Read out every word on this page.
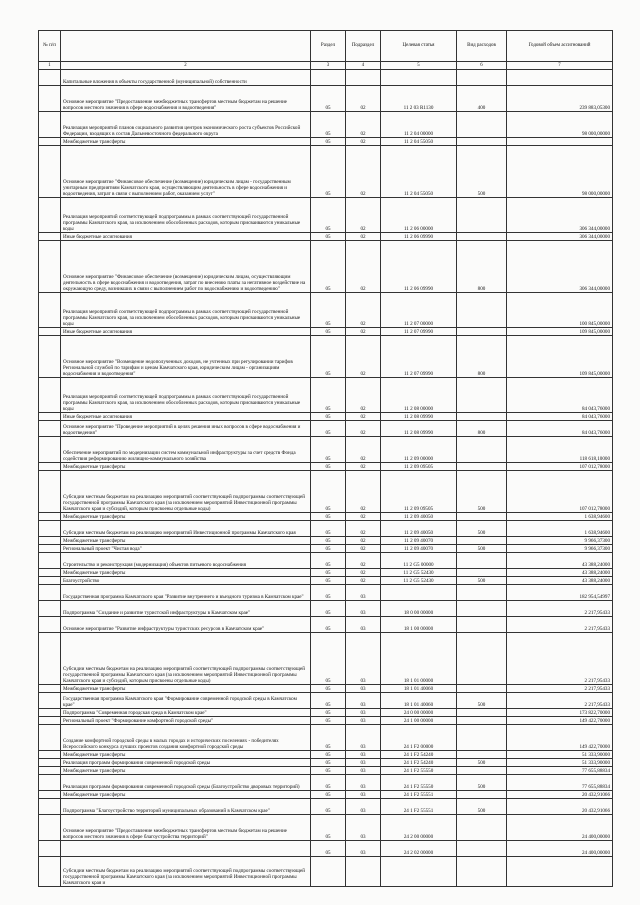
№ п/п		Раздел	Подраздел	Целевая статья	Вид расходов	Годовой объем ассигнований
1	2	3	4	5	6	7
	Капитальные вложения в объекты государственной (муниципальной) собственности					
	Основное мероприятие "Предоставление межбюджетных трансфертов местным бюджетам на решение вопросов местного значения в сфере водоснабжения и водоотведения"	05	02	11 2 03 R1130	400	239 883,05300
	Реализация мероприятий планов социального развития центров экономического роста субъектов Российской Федерации, входящих в состав Дальневосточного федерального округа	05	02	11 2 04 00000		98 000,00000
	Межбюджетные трансферты	05	02	11 2 04 55050		
	Основное мероприятие "Финансовое обеспечение (возмещение) юридическим лицам - государственным унитарным предприятиям Камчатского края, осуществляющим деятельность в сфере водоснабжения и водоотведения, затрат в связи с выполнением работ, оказанием услуг"	05	02	11 2 04 55050	500	98 000,00000
	Реализация мероприятий соответствующей подпрограммы в рамках соответствующей государственной программы Камчатского края, за исключением обособленных расходов, которым присваиваются уникальные коды	05	02	11 2 06 00000		306 344,00000
	Иные бюджетные ассигнования	05	02	11 2 06 09990		306 344,00000
	Основное мероприятие "Финансовое обеспечение (возмещение) юридическим лицам, осуществляющим деятельность в сфере водоснабжения и водоотведения, затрат по внесению платы за негативное воздействие на окружающую среду, возникших в связи с выполнением работ по водоснабжению и водоотведению"	05	02	11 2 06 09990	800	306 344,00000
	Реализация мероприятий соответствующей подпрограммы в рамках соответствующей государственной программы Камчатского края, за исключением обособленных расходов, которым присваиваются уникальные коды	05	02	11 2 07 00000		100 845,00000
	Иные бюджетные ассигнования	05	02	11 2 07 09990		109 845,00000
	Основное мероприятие "Возмещение недополученных доходов, не учтенных при регулировании тарифов Региональной службой по тарифам и ценам Камчатского края, юридическим лицам - организациям водоснабжения и водоотведения"	05	02	11 2 07 09990	800	109 845,00000
	Реализация мероприятий соответствующей подпрограммы в рамках соответствующей государственной программы Камчатского края, за исключением обособленных расходов, которым присваиваются уникальные коды	05	02	11 2 08 00000		84 043,76000
	Иные бюджетные ассигнования	05	02	11 2 08 09990		84 043,76000
	Основное мероприятие "Проведение мероприятий в целях решения иных вопросов в сфере водоснабжения и водоотведения"	05	02	11 2 08 09990	800	84 043,76000
	Обеспечение мероприятий по модернизации систем коммунальной инфраструктуры за счет средств Фонда содействия реформированию жилищно-коммунального хозяйства	05	02	11 2 09 00000		118 618,10000
	Межбюджетные трансферты	05	02	11 2 09 09505		107 012,78000
	Субсидии местным бюджетам на реализацию мероприятий соответствующей подпрограммы соответствующей государственной программы Камчатского края (за исключением мероприятий Инвестиционной программы Камчатского края и субсидий, которым присвоены отдельные коды)	05	02	11 2 09 09505	500	107 012,78000
	Межбюджетные трансферты	05	02	11 2 09 40050		1 638,94600
	Субсидии местным бюджетам на реализацию мероприятий Инвестиционной программы Камчатского края	05	02	11 2 09 40050	500	1 638,94600
	Межбюджетные трансферты	05	02	11 2 09 40070		9 966,37300
	Региональный проект "Чистая вода"	05	02	11 2 09 40070	500	9 966,37300
	Строительство и реконструкция (модернизация) объектов питьевого водоснабжения	05	02	11 2 G5 00000		43 388,24000
	Межбюджетные трансферты	05	02	11 2 G5 52430		43 388,24000
	Благоустройство	05	02	11 2 G5 52430	500	43 388,24000
	Государственная программа Камчатского края "Развитие внутреннего и въездного туризма в Камчатском крае"	05	03			182 954,54997
	Подпрограмма "Создание и развитие туристской инфраструктуры в Камчатском крае"	05	03	18 0 00 00000		2 217,95433
	Основное мероприятие "Развитие инфраструктуры туристских ресурсов в Камчатском крае"	05	03	18 1 00 00000		2 217,95433
	Субсидии местным бюджетам на реализацию мероприятий соответствующей подпрограммы соответствующей государственной программы Камчатского края (за исключением мероприятий Инвестиционной программы Камчатского края и субсидий, которым присвоены отдельные коды)	05	03	18 1 01 00000		2 217,95433
	Межбюджетные трансферты	05	03	18 1 01 40060		2 217,95433
	Государственная программа Камчатского края "Формирование современной городской среды в Камчатском крае"	05	03	18 1 01 40060	500	2 217,95433
	Подпрограмма "Современная городская среда в Камчатском крае"	05	03	24 0 00 00000		173 822,70000
	Региональный проект "Формирование комфортной городской среды"	05	03	24 1 00 00000		149 422,70000
	Создание комфортной городской среды в малых городах и исторических поселениях - победителях Всероссийского конкурса лучших проектов создания комфортной городской среды	05	03	24 1 F2 00000		149 422,70000
	Межбюджетные трансферты	05	03	24 1 F2 54240		51 333,90000
	Реализация программ формирования современной городской среды	05	03	24 1 F2 54240	500	51 333,90000
	Межбюджетные трансферты	05	03	24 1 F2 55550		77 655,88834
	Реализация программ формирования современной городской среды (Благоустройство дворовых территорий)	05	03	24 1 F2 55550	500	77 655,88834
	Межбюджетные трансферты	05	03	24 1 F2 55551		20 432,91066
	Подпрограмма "Благоустройство территорий муниципальных образований в Камчатском крае"	05	03	24 1 F2 55551	500	20 432,91066
	Основное мероприятие "Предоставление межбюджетных трансфертов местным бюджетам на решение вопросов местного значения в сфере благоустройства территорий"	05	03	24 2 00 00000		24 400,00000
		05	03	24 2 02 00000		24 400,00000
	Субсидии местным бюджетам на реализацию мероприятий соответствующей подпрограммы соответствующей государственной программы Камчатского края (за исключением мероприятий Инвестиционной программы Камчатского края и					
